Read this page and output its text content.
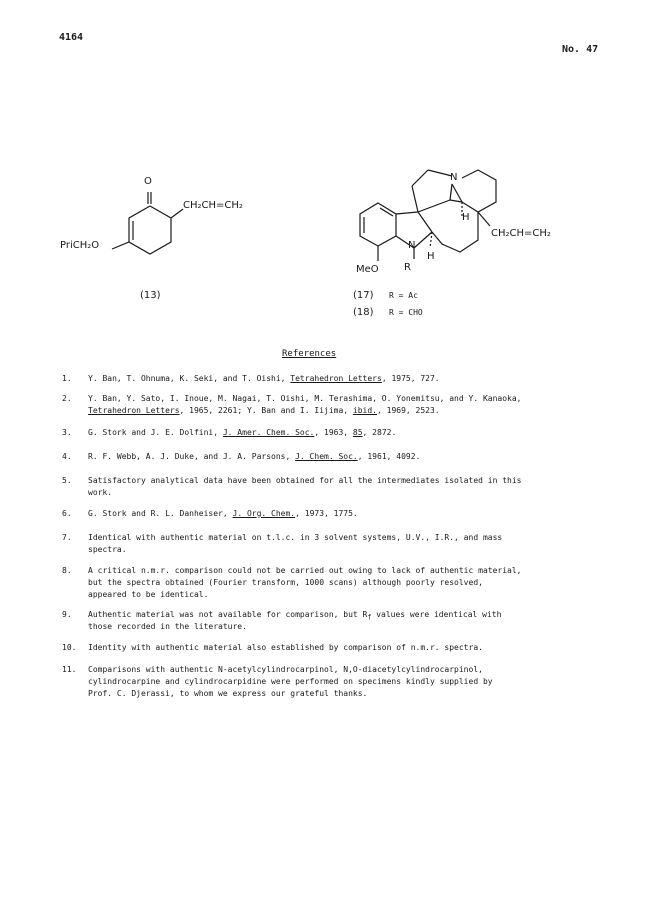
4164
No. 47
O
CH₂CH=CH₂
PriCH₂O
(13)
N
H
CH₂CH=CH₂
N
H
MeO	R
(17) R = Ac
(18) R = CHO
References
1.	Y. Ban, T. Ohnuma, K. Seki, and T. Oishi, Tetrahedron Letters, 1975, 727.
2.	Y. Ban, Y. Sato, I. Inoue, M. Nagai, T. Oishi, M. Terashima, O. Yonemitsu, and Y. Kanaoka,
Tetrahedron Letters, 1965, 2261; Y. Ban and I. Iijima, ibid., 1969, 2523.
3.	G. Stork and J. E. Dolfini, J. Amer. Chem. Soc., 1963, 85, 2872.
4.	R. F. Webb, A. J. Duke, and J. A. Parsons, J. Chem. Soc., 1961, 4092.
5.	Satisfactory analytical data have been obtained for all the intermediates isolated in this
work.
6.	G. Stork and R. L. Danheiser, J. Org. Chem., 1973, 1775.
7.	Identical with authentic material on t.l.c. in 3 solvent systems, U.V., I.R., and mass
spectra.
8.	A critical n.m.r. comparison could not be carried out owing to lack of authentic material,
but the spectra obtained (Fourier transform, 1000 scans) although poorly resolved,
appeared to be identical.
9.	Authentic material was not available for comparison, but $R_f$ values were identical with
those recorded in the literature.
10.	Identity with authentic material also established by comparison of n.m.r. spectra.
11.	Comparisons with authentic N-acetylcylindrocarpinol, N,O-diacetylcylindrocarpinol,
cylindrocarpine and cylindrocarpidine were performed on specimens kindly supplied by
Prof. C. Djerassi, to whom we express our grateful thanks.
